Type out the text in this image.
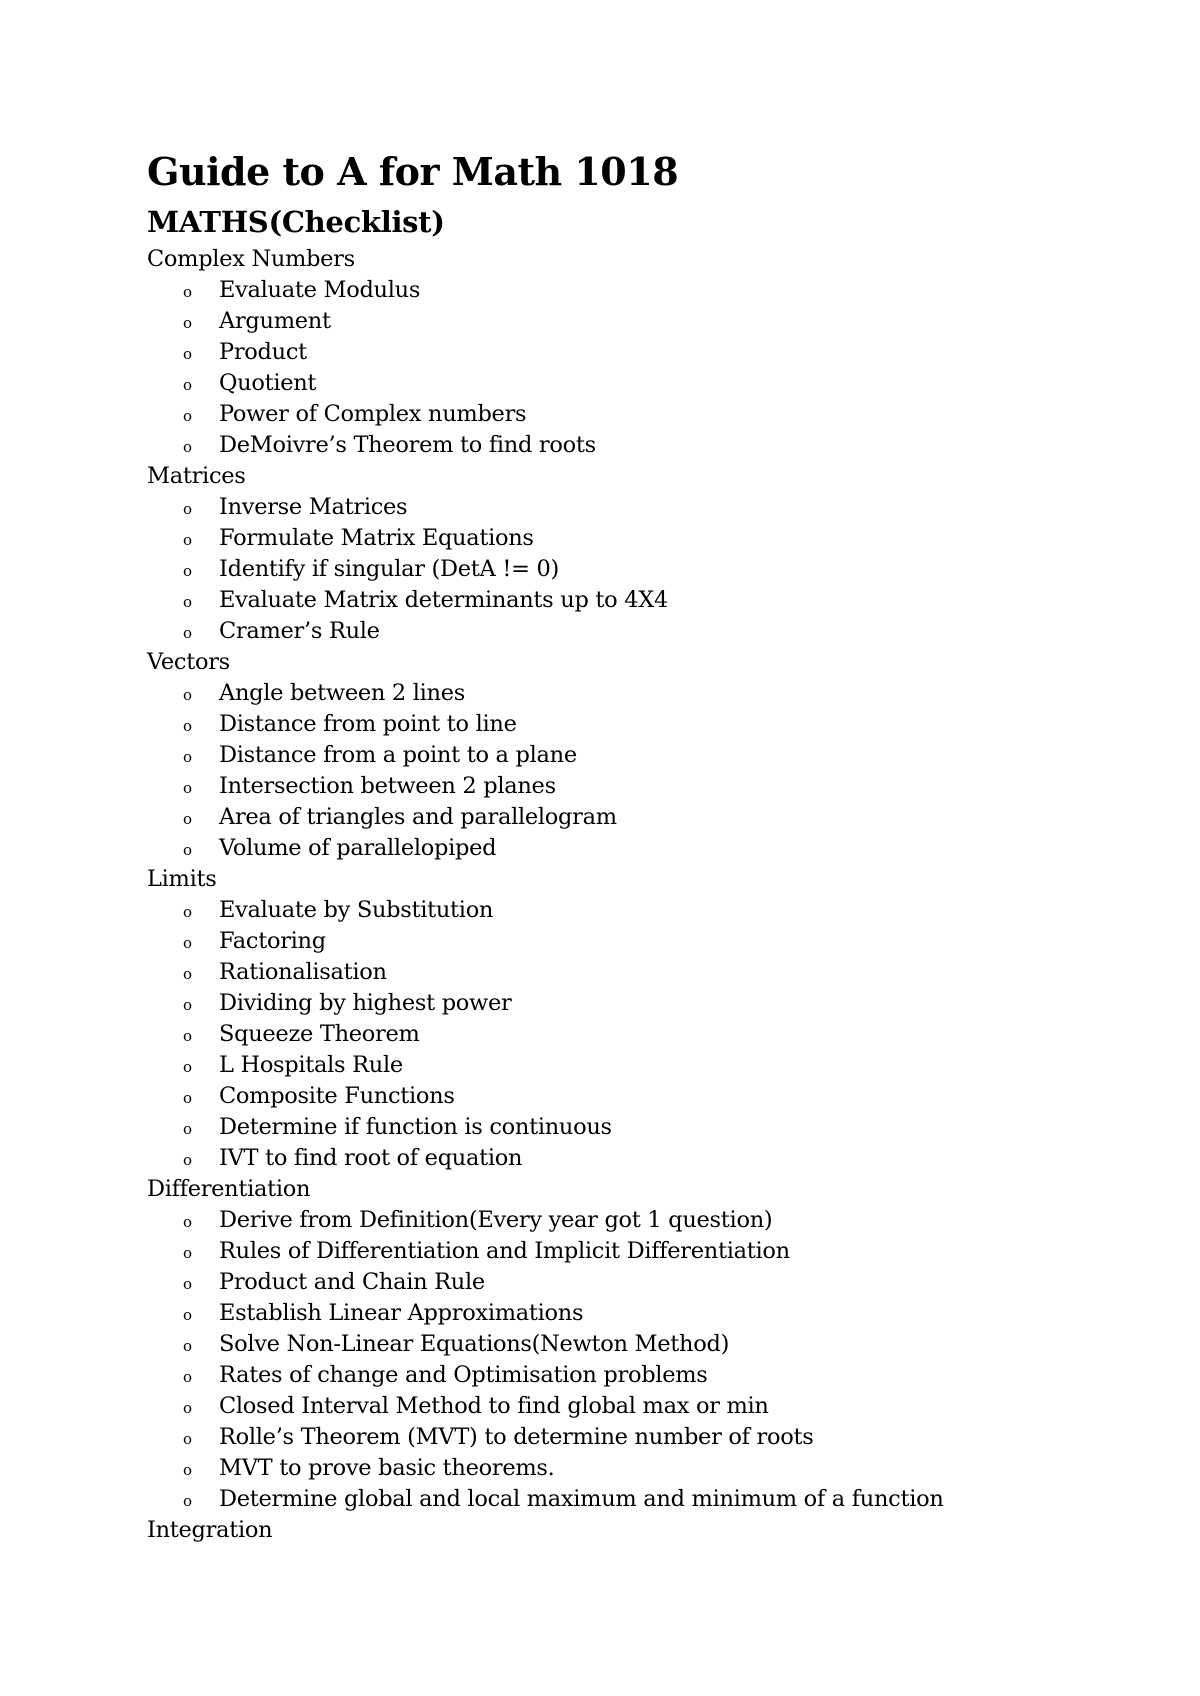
Guide to A for Math 1018
MATHS(Checklist)
Complex Numbers
o Evaluate Modulus
o Argument
o Product
o Quotient
o Power of Complex numbers
o DeMoivre’s Theorem to find roots
Matrices
o Inverse Matrices
o Formulate Matrix Equations
o Identify if singular (DetA != 0)
o Evaluate Matrix determinants up to 4X4
o Cramer’s Rule
Vectors
o Angle between 2 lines
o Distance from point to line
o Distance from a point to a plane
o Intersection between 2 planes
o Area of triangles and parallelogram
o Volume of parallelopiped
Limits
o Evaluate by Substitution
o Factoring
o Rationalisation
o Dividing by highest power
o Squeeze Theorem
o L Hospitals Rule
o Composite Functions
o Determine if function is continuous
o IVT to find root of equation
Differentiation
o Derive from Definition(Every year got 1 question)
o Rules of Differentiation and Implicit Differentiation
o Product and Chain Rule
o Establish Linear Approximations
o Solve Non-Linear Equations(Newton Method)
o Rates of change and Optimisation problems
o Closed Interval Method to find global max or min
o Rolle’s Theorem (MVT) to determine number of roots
o MVT to prove basic theorems.
o Determine global and local maximum and minimum of a function
Integration
